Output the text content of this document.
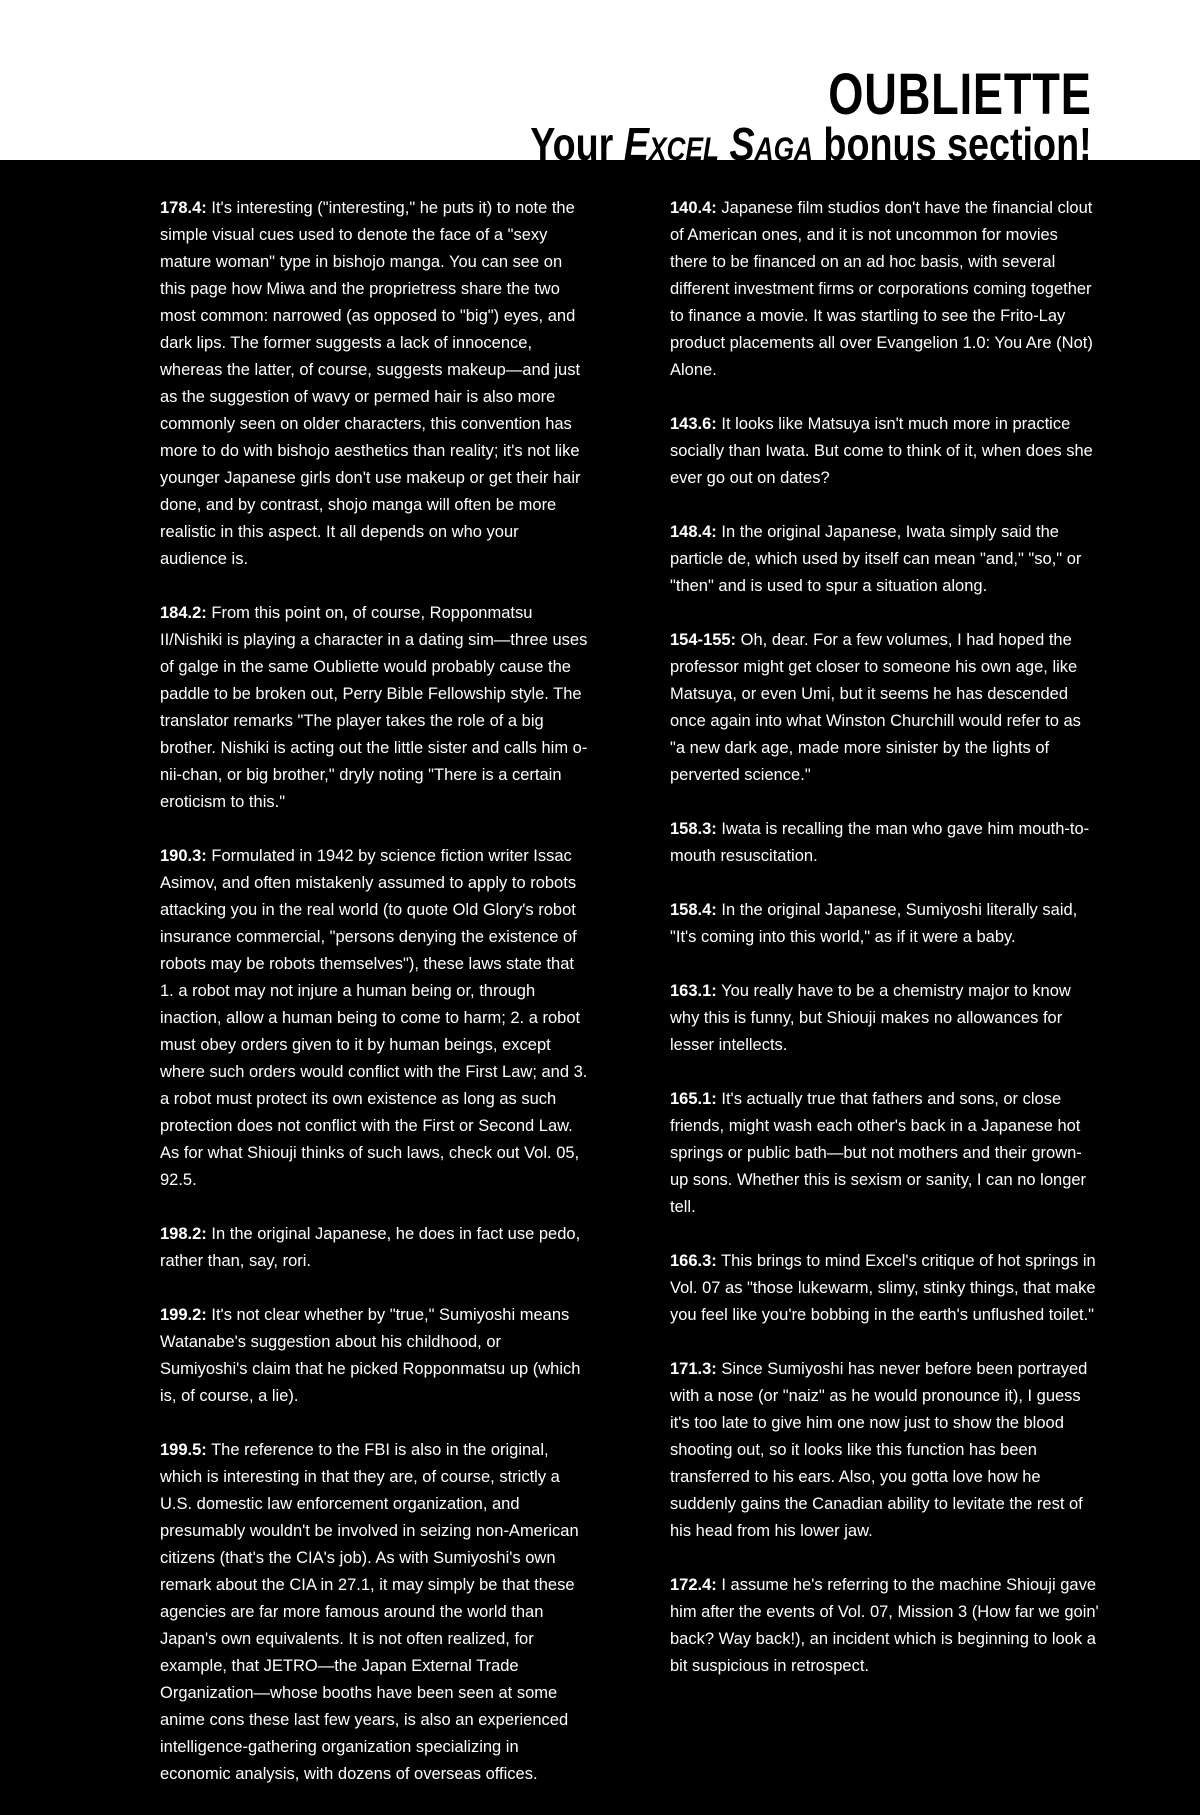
OUBLIETTE
Your Excel Saga bonus section!

178.4: It's interesting ("interesting," he puts it) to note the simple visual cues used to denote the face of a "sexy mature woman" type in bishojo manga. You can see on this page how Miwa and the proprietress share the two most common: narrowed (as opposed to "big") eyes, and dark lips. The former suggests a lack of innocence, whereas the latter, of course, suggests makeup—and just as the suggestion of wavy or permed hair is also more commonly seen on older characters, this convention has more to do with bishojo aesthetics than reality; it's not like younger Japanese girls don't use makeup or get their hair done, and by contrast, shojo manga will often be more realistic in this aspect. It all depends on who your audience is.

184.2: From this point on, of course, Ropponmatsu II/Nishiki is playing a character in a dating sim—three uses of galge in the same Oubliette would probably cause the paddle to be broken out, Perry Bible Fellowship style. The translator remarks "The player takes the role of a big brother. Nishiki is acting out the little sister and calls him o-nii-chan, or big brother," dryly noting "There is a certain eroticism to this."

190.3: Formulated in 1942 by science fiction writer Issac Asimov, and often mistakenly assumed to apply to robots attacking you in the real world (to quote Old Glory's robot insurance commercial, "persons denying the existence of robots may be robots themselves"), these laws state that 1. a robot may not injure a human being or, through inaction, allow a human being to come to harm; 2. a robot must obey orders given to it by human beings, except where such orders would conflict with the First Law; and 3. a robot must protect its own existence as long as such protection does not conflict with the First or Second Law. As for what Shiouji thinks of such laws, check out Vol. 05, 92.5.

198.2: In the original Japanese, he does in fact use pedo, rather than, say, rori.

199.2: It's not clear whether by "true," Sumiyoshi means Watanabe's suggestion about his childhood, or Sumiyoshi's claim that he picked Ropponmatsu up (which is, of course, a lie).

199.5: The reference to the FBI is also in the original, which is interesting in that they are, of course, strictly a U.S. domestic law enforcement organization, and presumably wouldn't be involved in seizing non-American citizens (that's the CIA's job). As with Sumiyoshi's own remark about the CIA in 27.1, it may simply be that these agencies are far more famous around the world than Japan's own equivalents. It is not often realized, for example, that JETRO—the Japan External Trade Organization—whose booths have been seen at some anime cons these last few years, is also an experienced intelligence-gathering organization specializing in economic analysis, with dozens of overseas offices.

140.4: Japanese film studios don't have the financial clout of American ones, and it is not uncommon for movies there to be financed on an ad hoc basis, with several different investment firms or corporations coming together to finance a movie. It was startling to see the Frito-Lay product placements all over Evangelion 1.0: You Are (Not) Alone.

143.6: It looks like Matsuya isn't much more in practice socially than Iwata. But come to think of it, when does she ever go out on dates?

148.4: In the original Japanese, Iwata simply said the particle de, which used by itself can mean "and," "so," or "then" and is used to spur a situation along.

154-155: Oh, dear. For a few volumes, I had hoped the professor might get closer to someone his own age, like Matsuya, or even Umi, but it seems he has descended once again into what Winston Churchill would refer to as "a new dark age, made more sinister by the lights of perverted science."

158.3: Iwata is recalling the man who gave him mouth-to-mouth resuscitation.

158.4: In the original Japanese, Sumiyoshi literally said, "It's coming into this world," as if it were a baby.

163.1: You really have to be a chemistry major to know why this is funny, but Shiouji makes no allowances for lesser intellects.

165.1: It's actually true that fathers and sons, or close friends, might wash each other's back in a Japanese hot springs or public bath—but not mothers and their grown-up sons. Whether this is sexism or sanity, I can no longer tell.

166.3: This brings to mind Excel's critique of hot springs in Vol. 07 as "those lukewarm, slimy, stinky things, that make you feel like you're bobbing in the earth's unflushed toilet."

171.3: Since Sumiyoshi has never before been portrayed with a nose (or "naiz" as he would pronounce it), I guess it's too late to give him one now just to show the blood shooting out, so it looks like this function has been transferred to his ears. Also, you gotta love how he suddenly gains the Canadian ability to levitate the rest of his head from his lower jaw.

172.4: I assume he's referring to the machine Shiouji gave him after the events of Vol. 07, Mission 3 (How far we goin' back? Way back!), an incident which is beginning to look a bit suspicious in retrospect.
